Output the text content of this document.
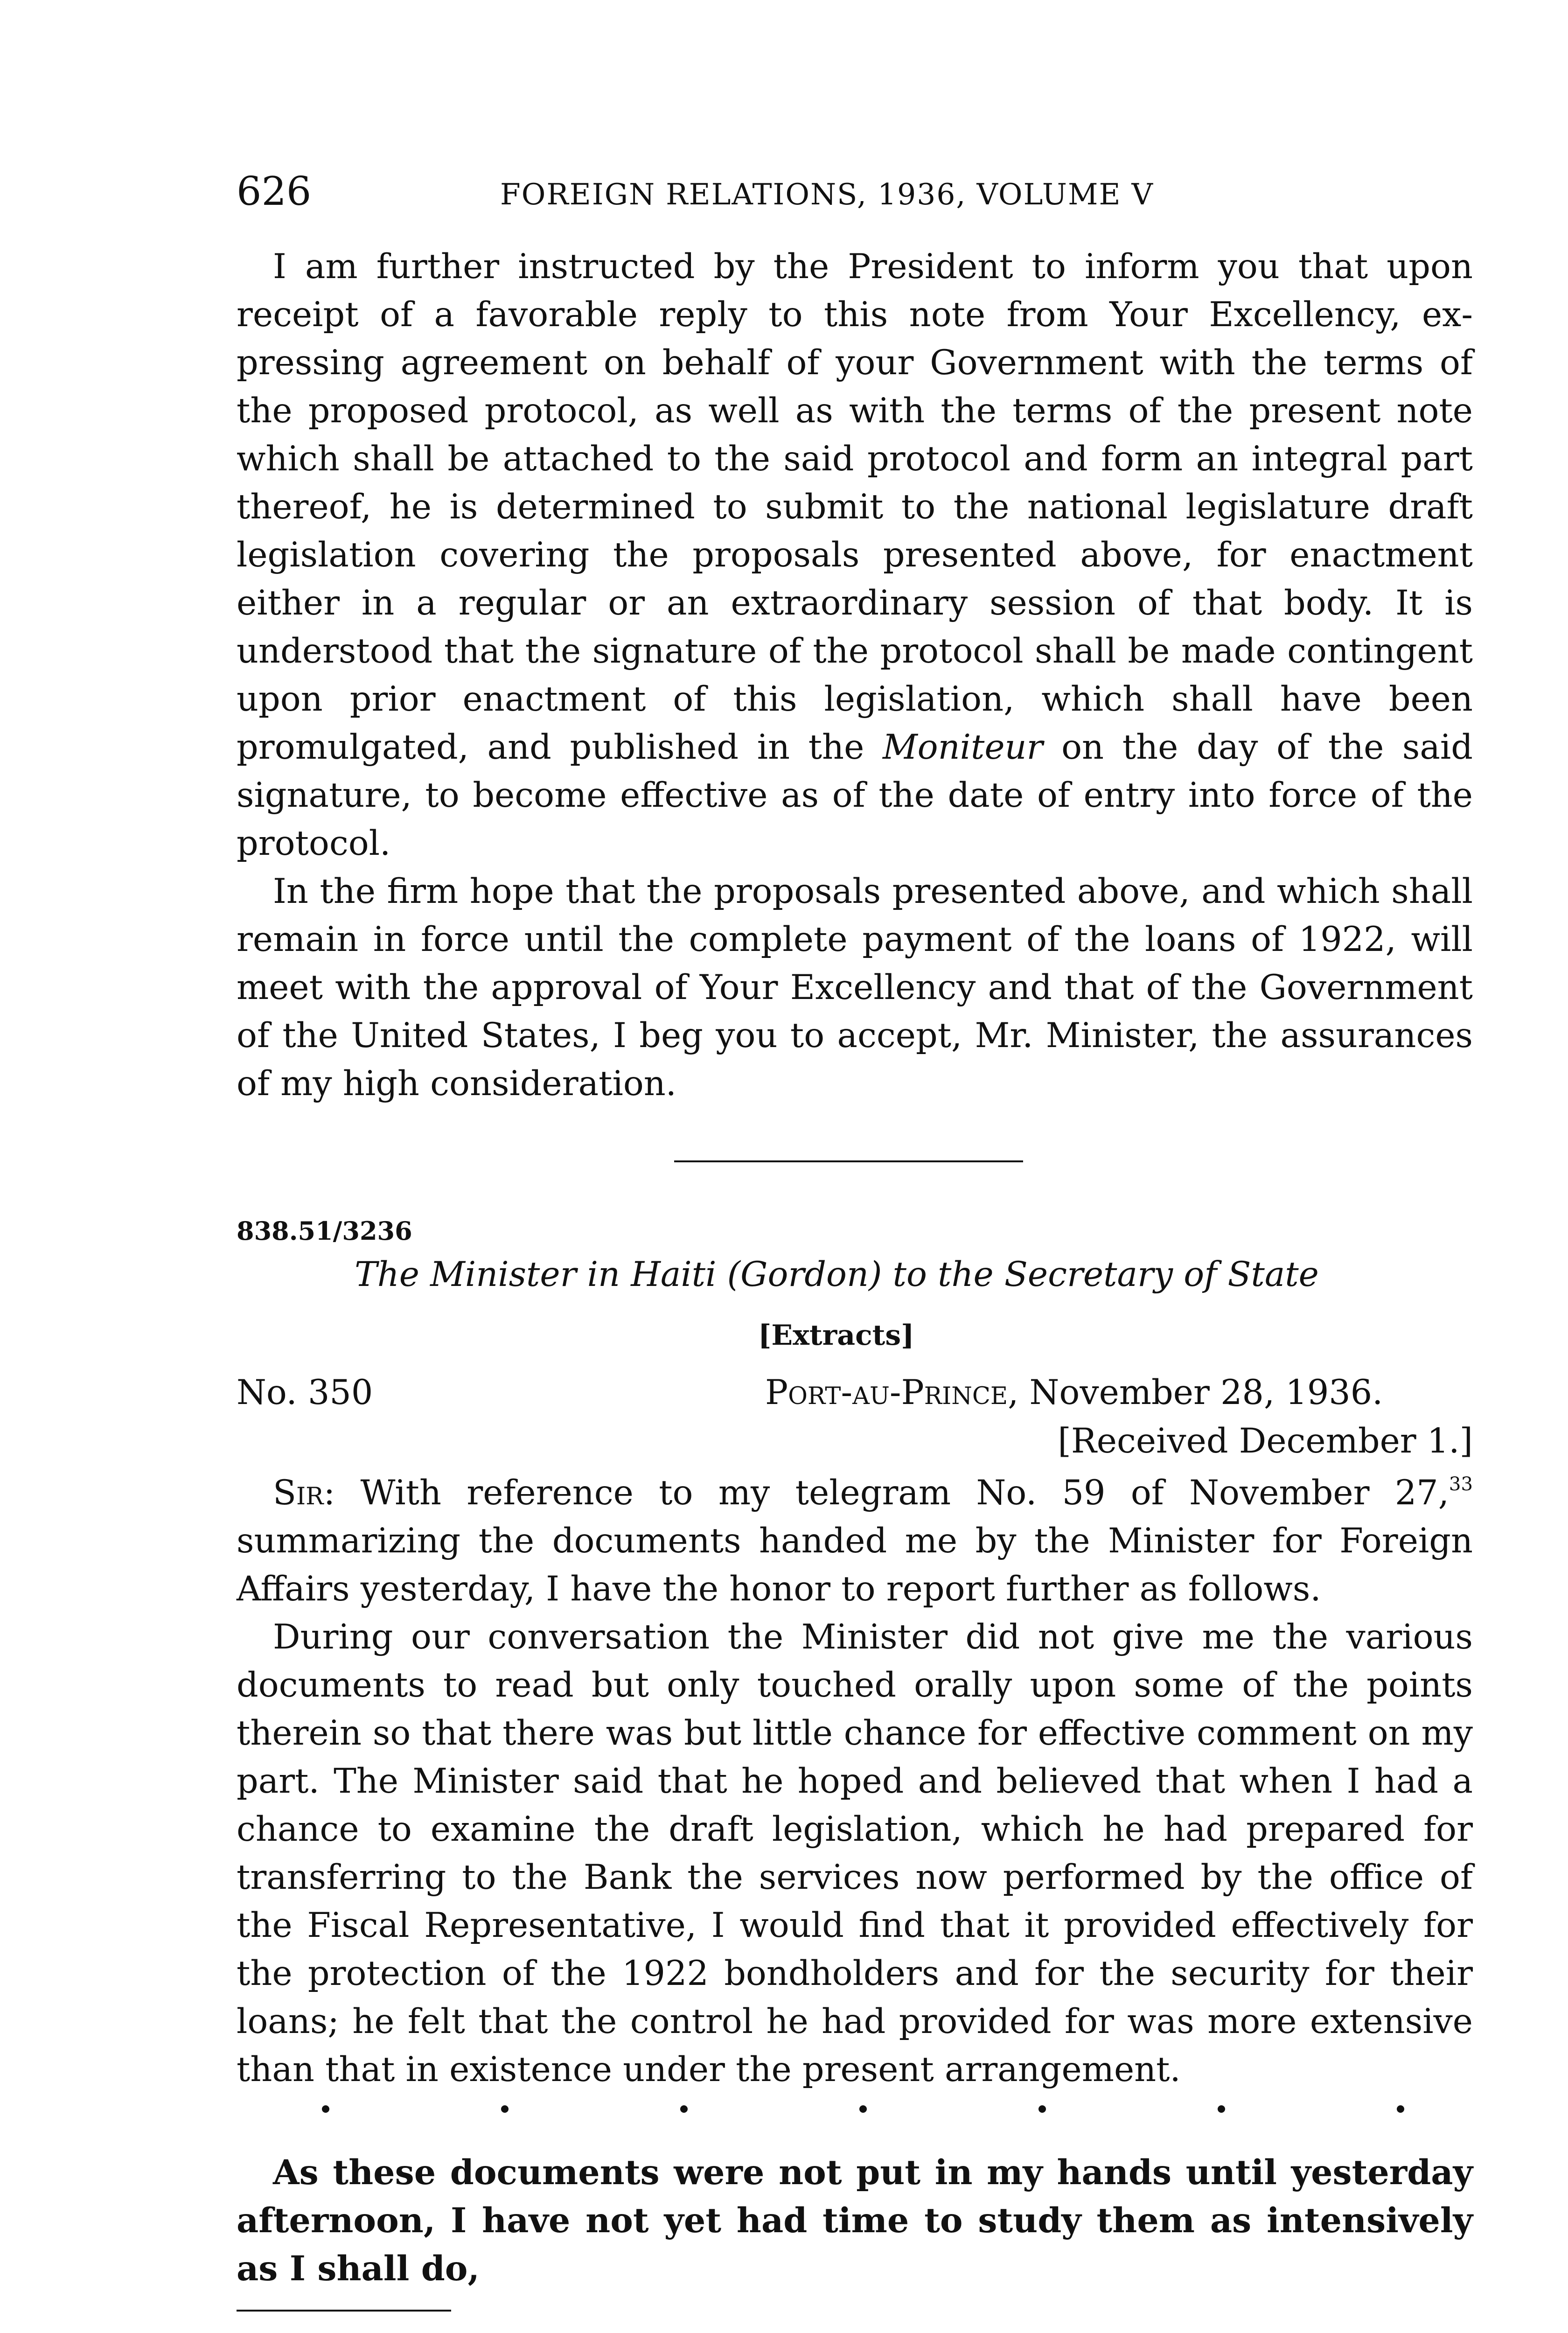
626	FOREIGN RELATIONS, 1936, VOLUME V

I am further instructed by the President to inform you that upon receipt of a favorable reply to this note from Your Excellency, expressing agreement on behalf of your Government with the terms of the proposed protocol, as well as with the terms of the present note which shall be attached to the said protocol and form an integral part thereof, he is determined to submit to the national legislature draft legislation covering the proposals presented above, for enactment either in a regular or an extraordinary session of that body. It is understood that the signature of the protocol shall be made contingent upon prior enactment of this legislation, which shall have been promulgated, and published in the Moniteur on the day of the said signature, to become effective as of the date of entry into force of the protocol.

In the firm hope that the proposals presented above, and which shall remain in force until the complete payment of the loans of 1922, will meet with the approval of Your Excellency and that of the Government of the United States, I beg you to accept, Mr. Minister, the assurances of my high consideration.

838.51/3236
The Minister in Haiti (Gordon) to the Secretary of State
[Extracts]
No. 350	Port-au-Prince, November 28, 1936.
[Received December 1.]

Sir: With reference to my telegram No. 59 of November 27,33 summarizing the documents handed me by the Minister for Foreign Affairs yesterday, I have the honor to report further as follows.

During our conversation the Minister did not give me the various documents to read but only touched orally upon some of the points therein so that there was but little chance for effective comment on my part. The Minister said that he hoped and believed that when I had a chance to examine the draft legislation, which he had prepared for transferring to the Bank the services now performed by the office of the Fiscal Representative, I would find that it provided effectively for the protection of the 1922 bondholders and for the security for their loans; he felt that the control he had provided for was more extensive than that in existence under the present arrangement.

As these documents were not put in my hands until yesterday afternoon, I have not yet had time to study them as intensively as I shall do,
